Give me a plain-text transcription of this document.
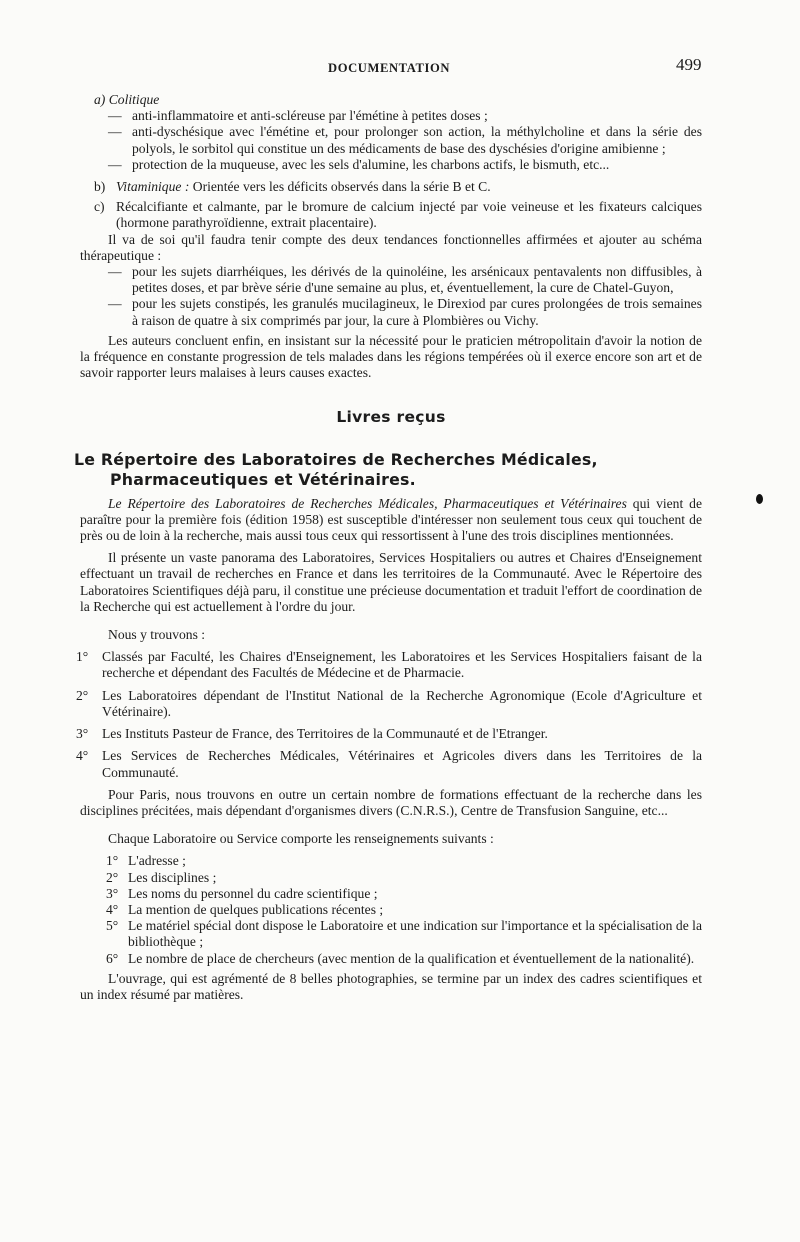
DOCUMENTATION	499

a) Colitique

— anti-inflammatoire et anti-scléreuse par l'émétine à petites doses ;

— anti-dyschésique avec l'émétine et, pour prolonger son action, la méthylcholine et dans la série des polyols, le sorbitol qui constitue un des médicaments de base des dyschésies d'origine amibienne ;

— protection de la muqueuse, avec les sels d'alumine, les charbons actifs, le bismuth, etc...

b) Vitaminique : Orientée vers les déficits observés dans la série B et C.

c) Récalcifiante et calmante, par le bromure de calcium injecté par voie veineuse et les fixateurs calciques (hormone parathyroïdienne, extrait placentaire).

Il va de soi qu'il faudra tenir compte des deux tendances fonctionnelles affirmées et ajouter au schéma thérapeutique :

— pour les sujets diarrhéiques, les dérivés de la quinoléine, les arsénicaux pentavalents non diffusibles, à petites doses, et par brève série d'une semaine au plus, et, éventuellement, la cure de Chatel-Guyon,

— pour les sujets constipés, les granulés mucilagineux, le Direxiod par cures prolongées de trois semaines à raison de quatre à six comprimés par jour, la cure à Plombières ou Vichy.

Les auteurs concluent enfin, en insistant sur la nécessité pour le praticien métropolitain d'avoir la notion de la fréquence en constante progression de tels malades dans les régions tempérées où il exerce encore son art et de savoir rapporter leurs malaises à leurs causes exactes.

Livres reçus
Le Répertoire des Laboratoires de Recherches Médicales, Pharmaceutiques et Vétérinaires.

Le Répertoire des Laboratoires de Recherches Médicales, Pharmaceutiques et Vétérinaires qui vient de paraître pour la première fois (édition 1958) est susceptible d'intéresser non seulement tous ceux qui touchent de près ou de loin à la recherche, mais aussi tous ceux qui ressortissent à l'une des trois disciplines mentionnées.

Il présente un vaste panorama des Laboratoires, Services Hospitaliers ou autres et Chaires d'Enseignement effectuant un travail de recherches en France et dans les territoires de la Communauté. Avec le Répertoire des Laboratoires Scientifiques déjà paru, il constitue une précieuse documentation et traduit l'effort de coordination de la Recherche qui est actuellement à l'ordre du jour.

Nous y trouvons :

1° Classés par Faculté, les Chaires d'Enseignement, les Laboratoires et les Services Hospitaliers faisant de la recherche et dépendant des Facultés de Médecine et de Pharmacie.

2° Les Laboratoires dépendant de l'Institut National de la Recherche Agronomique (Ecole d'Agriculture et Vétérinaire).

3° Les Instituts Pasteur de France, des Territoires de la Communauté et de l'Etranger.

4° Les Services de Recherches Médicales, Vétérinaires et Agricoles divers dans les Territoires de la Communauté.

Pour Paris, nous trouvons en outre un certain nombre de formations effectuant de la recherche dans les disciplines précitées, mais dépendant d'organismes divers (C.N.R.S.), Centre de Transfusion Sanguine, etc...

Chaque Laboratoire ou Service comporte les renseignements suivants :

1° L'adresse ;

2° Les disciplines ;

3° Les noms du personnel du cadre scientifique ;

4° La mention de quelques publications récentes ;

5° Le matériel spécial dont dispose le Laboratoire et une indication sur l'importance et la spécialisation de la bibliothèque ;

6° Le nombre de place de chercheurs (avec mention de la qualification et éventuellement de la nationalité).

L'ouvrage, qui est agrémenté de 8 belles photographies, se termine par un index des cadres scientifiques et un index résumé par matières.
